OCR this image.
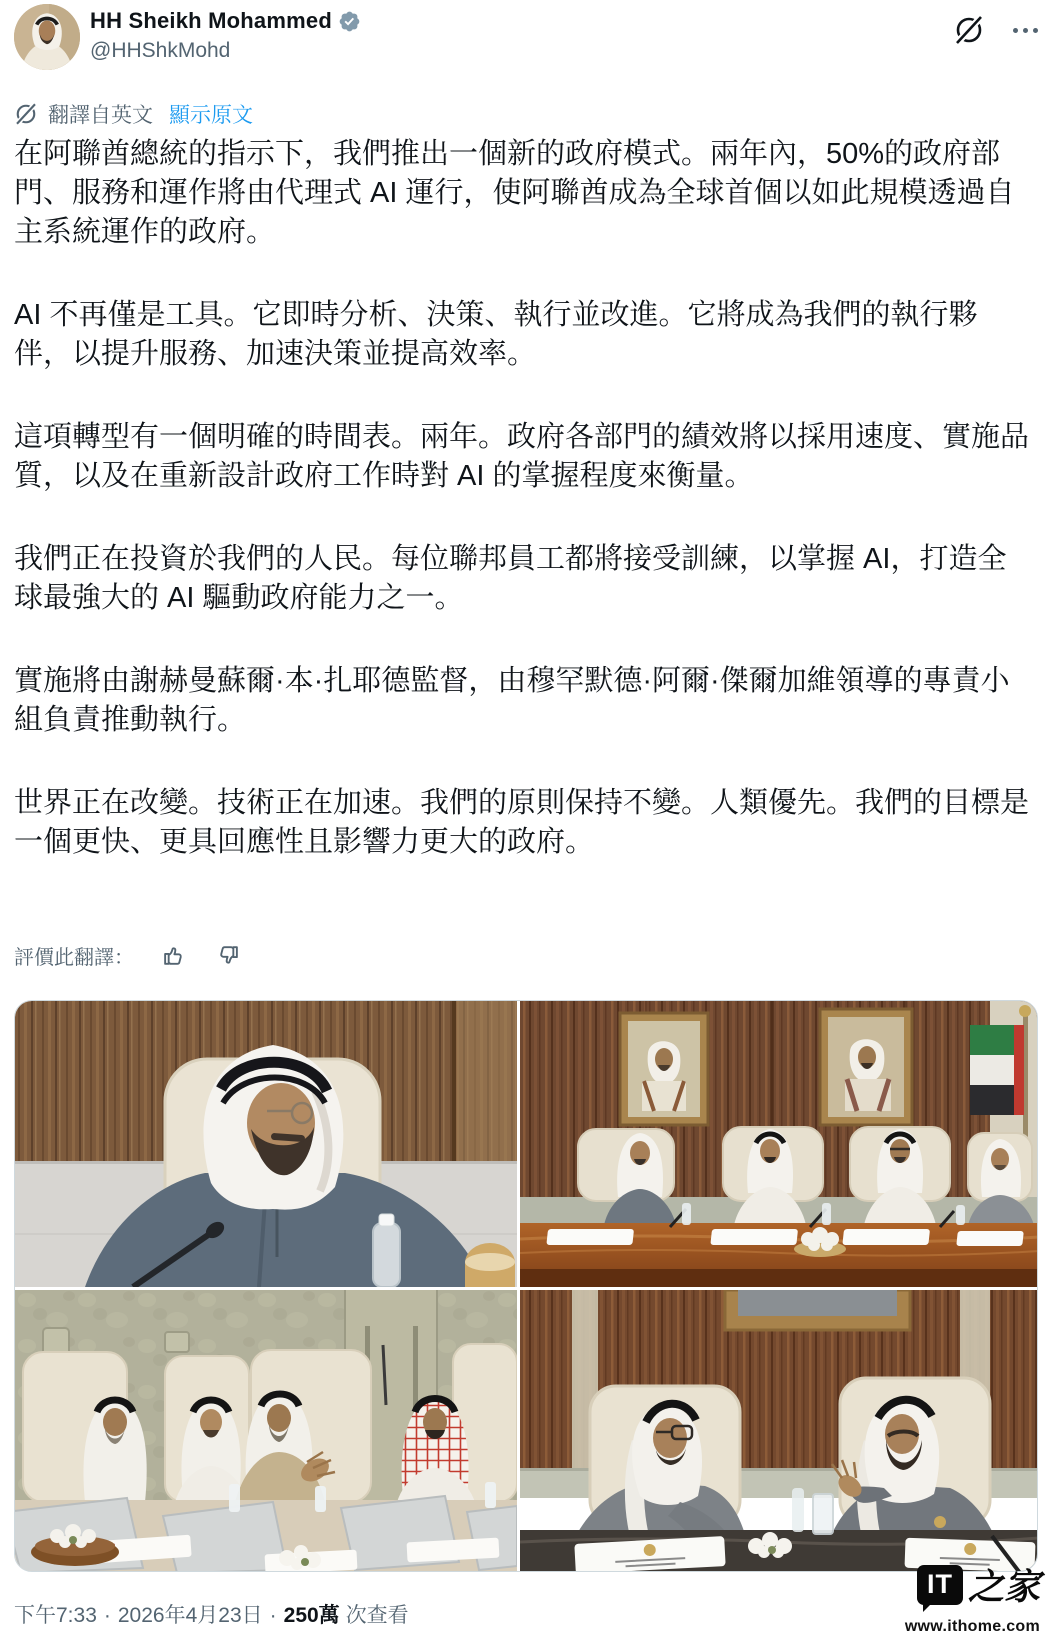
HH Sheikh Mohammed
@HHShkMohd
翻譯自英文 顯示原文

在阿聯酋總統的指示下，我們推出一個新的政府模式。兩年內，50%的政府部門、服務和運作將由代理式 AI 運行，使阿聯酋成為全球首個以如此規模透過自主系統運作的政府。

AI 不再僅是工具。它即時分析、決策、執行並改進。它將成為我們的執行夥伴，以提升服務、加速決策並提高效率。

這項轉型有一個明確的時間表。兩年。政府各部門的績效將以採用速度、實施品質，以及在重新設計政府工作時對 AI 的掌握程度來衡量。

我們正在投資於我們的人民。每位聯邦員工都將接受訓練，以掌握 AI，打造全球最強大的 AI 驅動政府能力之一。

實施將由謝赫曼蘇爾·本·扎耶德監督，由穆罕默德·阿爾·傑爾加維領導的專責小組負責推動執行。

世界正在改變。技術正在加速。我們的原則保持不變。人類優先。我們的目標是一個更快、更具回應性且影響力更大的政府。

評價此翻譯：
下午7:33 · 2026年4月23日 · 250萬 次查看
IT 之家
www.ithome.com
